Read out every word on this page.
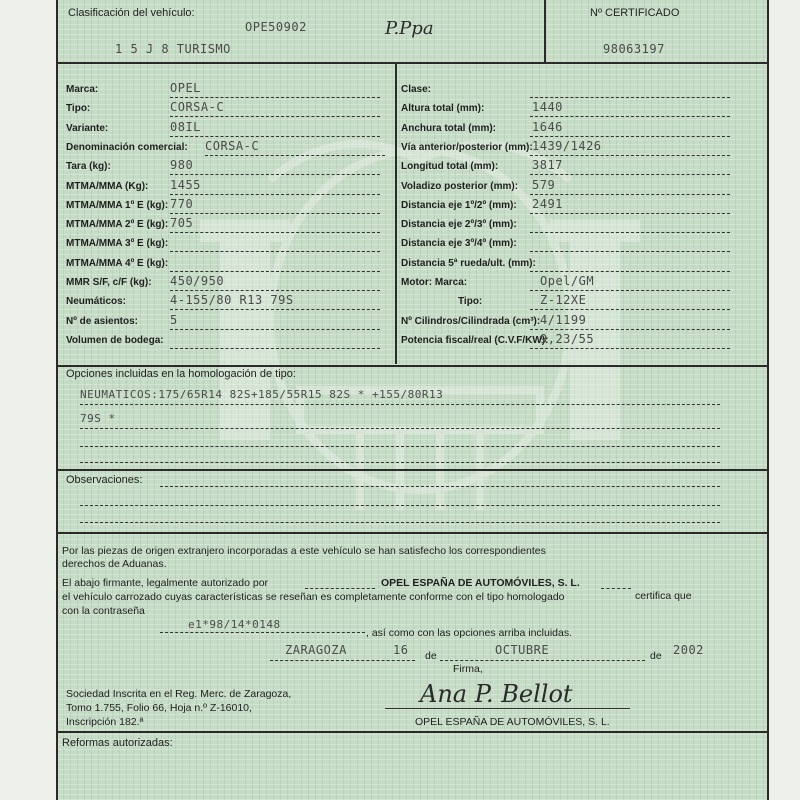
Clasificación del vehículo:
OPE50902	P.Ppa
1 5 J 8 TURISMO
Nº CERTIFICADO
98063197
Opciones incluidas en la homologación de tipo:
NEUMATICOS:175/65R14 82S+185/55R15 82S * +155/80R13
79S *
Observaciones:
Por las piezas de origen extranjero incorporadas a este vehículo se han satisfecho los correspondientes
derechos de Aduanas.
El abajo firmante, legalmente autorizado por	OPEL ESPAÑA DE AUTOMÓVILES, S. L.
certifica que
el vehículo carrozado cuyas características se reseñan es completamente conforme con el tipo homologado
con la contraseña
e1*98/14*0148
, así como con las opciones arriba incluidas.
ZARAGOZA	16 de	OCTUBRE	de 2002
Firma,
Ana P. Bellot
OPEL ESPAÑA DE AUTOMÓVILES, S. L.
Sociedad Inscrita en el Reg. Merc. de Zaragoza,
Tomo 1.755, Folio 66, Hoja n.º Z-16010,
Inscripción 182.ª
Reformas autorizadas:
Marca:	OPEL
Tipo:	CORSA-C
Variante:	08IL
Denominación comercial: CORSA-C
Tara (kg):	980
MTMA/MMA (Kg): 1455
MTMA/MMA 1º E (kg): 770
MTMA/MMA 2º E (kg): 705
MTMA/MMA 3º E (kg):
MTMA/MMA 4º E (kg):
MMR S/F, c/F (kg): 450/950
Neumáticos:	4-155/80 R13 79S
Nº de asientos:	5
Volumen de bodega:
Clase:
Altura total (mm):	1440
Anchura total (mm):	1646
Vía anterior/posterior (mm): 1439/1426
Longitud total (mm):	3817
Voladizo posterior (mm): 579
Distancia eje 1º/2º (mm): 2491
Distancia eje 2º/3º (mm):
Distancia eje 3º/4º (mm):
Distancia 5ª rueda/ult. (mm):
Motor: Marca:	Opel/GM
Tipo:	Z-12XE
Nº Cilindros/Cilindrada (cm³): 4/1199
Potencia fiscal/real (C.V.F/KW):
9,23/55
